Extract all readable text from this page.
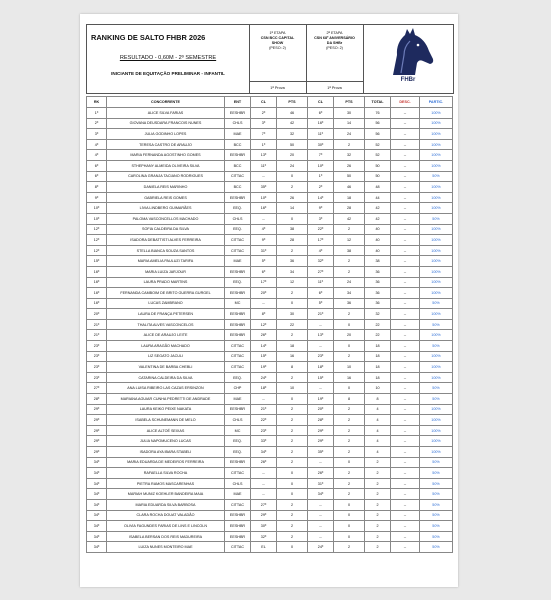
RANKING DE SALTO FHBR 2026
RESULTADO - 0,60M - 2º SEMESTRE
INICIANTE DE EQUITAÇÃO PRELIMINAR - INFANTIL
1ª ETAPA
CSN BCC CAPITAL
SHOW
(PESO: 2)
1ª Prova
2ª ETAPA
CSN 68º ANIVERSÁRIO
DA SHBr
(PESO: 2)
1ª Prova
FHBr
RK	CONCORRENTE	ENT	CL	PTS	CL	PTS	TOTAL	DESC.	PARTIC.
1º	ALICE SILVA FARIAS	EESHBR	2º	46	6º	30	76	--	100%
2º	GIOVANA DEUSDARA FRANCOIS NUNES	CHLS	3º	42	16º	14	56	--	100%
3º	JULIA GODINHO LOPES	MAE	7º	32	11º	24	56	--	100%
4º	TERESA CASTRO DE ARAUJO	BCC	1º	50	30º	2	52	--	100%
4º	MARIA FERNANDA AGOSTINHO GOMES	EESHBR	13º	20	7º	32	52	--	100%
6º	STHEPHANY ALMEIDA OLIVEIRA SILVA	BCC	11º	24	10º	26	50	--	100%
6º	CAROLINA GRANJA TACIANO RODRIGUES	CITTAC	--	0	1º	50	50	--	50%
8º	DANIELA REIS MARINHO	BCC	35º	2	2º	46	48	--	100%
9º	GABRIELA REIS GOMES	EESHBR	10º	26	14º	18	44	--	100%
10º	LIVIA LINDBERG GUIMARÃES	EEQ.	16º	14	9º	28	42	--	100%
10º	PALOMA VASCONCELLOS MACHADO	CHLS	--	0	3º	42	42	--	50%
12º	SOFIA CALDEIRA DA SILVA	EEQ.	4º	38	22º	2	40	--	100%
12º	ISADORA DEBATTISTI ALVES FERREIRA	CITTAC	9º	28	17º	12	40	--	100%
12º	STELLA BIANCA SOUZA SANTOS	CITTAC	31º	2	4º	38	40	--	100%
15º	MARIA AMELIA PAULUZI TARIFA	MAE	5º	36	32º	2	38	--	100%
16º	MARIA LUIZA JARJOUR	EESHBR	6º	34	27º	2	36	--	100%
16º	LAURA PRADO MARTINS	EEQ.	17º	12	11º	24	36	--	100%
16º	FERNANDA CAMBOIM DE BRITO GUERRA GURGEL	EESHBR	20º	2	6º	34	36	--	100%
16º	LUCAS ZAMBRANO	MC	--	0	5º	36	36	--	50%
20º	LAURA DE FRANÇA PETERSEN	EESHBR	8º	30	21º	2	32	--	100%
21º	THALITA ALVES VASCONCELOS	EESHBR	12º	22	--	0	22	--	50%
21º	ALICE DE ARAUJO LEITE	EESHBR	26º	2	13º	20	22	--	100%
23º	LAURA ARAGÃO MACHADO	CITTAC	14º	18	--	0	18	--	50%
23º	LIZ SEGATO JACULI	CITTAC	15º	16	23º	2	18	--	100%
23º	VALENTINA DE BARBA CHEBLI	CITTAC	19º	8	18º	10	18	--	100%
23º	CATARINA CALDEIRA DA SILVA	EEQ.	24º	2	15º	16	18	--	100%
27º	ANA LUISA RIBEIRO LAS CAZAS ERSINZON	CHP	18º	10	--	0	10	--	50%
28º	MARIANA AGUIAR CUNHA PEDRETTI DE ANDRADE	MAE	--	0	19º	8	8	--	50%
29º	LAURA KEIKO PEIXE NAKATA	EESHBR	21º	2	20º	2	4	--	100%
29º	ISABELA SCHUNEMANN DE MELO	CHLS	22º	2	28º	2	4	--	100%
29º	ALICE ALTOÉ SEIXAS	MC	23º	2	29º	2	4	--	100%
29º	JULIA NAPOMUCENO LUCAS	EEQ.	33º	2	29º	2	4	--	100%
29º	ISADORA AYA IBARA STABELI	EEQ.	34º	2	35º	2	4	--	100%
34º	MARIA EDUARDA DE MEDEIROS FERREIRA	EESHBR	26º	2	--	0	2	--	50%
34º	RAFAELLA SILVA ROCHA	CITTAC	--	0	26º	2	2	--	50%
34º	PIETRA RAMOS MASCARENHAS	CHLS	--	0	31º	2	2	--	50%
34º	MARIAH MUNIZ KOEHLER BANDEIRA MAIA	MAE	--	0	34º	2	2	--	50%
34º	MARIA EDUARDA SILVA BARBOSA	CITTAC	27º	2	--	0	2	--	50%
34º	CLARA ROCHA DOUAT VALADÃO	EESHBR	29º	2	--	0	2	--	50%
34º	OLIVIA FAGUNDES FARIAS DE LINS E LINCOLN	EESHBR	30º	2	--	0	2	--	50%
34º	ISABELA BERSAN DOS REIS MADUREIRA	EESHBR	32º	2	--	0	2	--	50%
34º	LUIZA NUNES MONTEIRO MAE	CITTAC	EL	0	24º	2	2	--	50%
